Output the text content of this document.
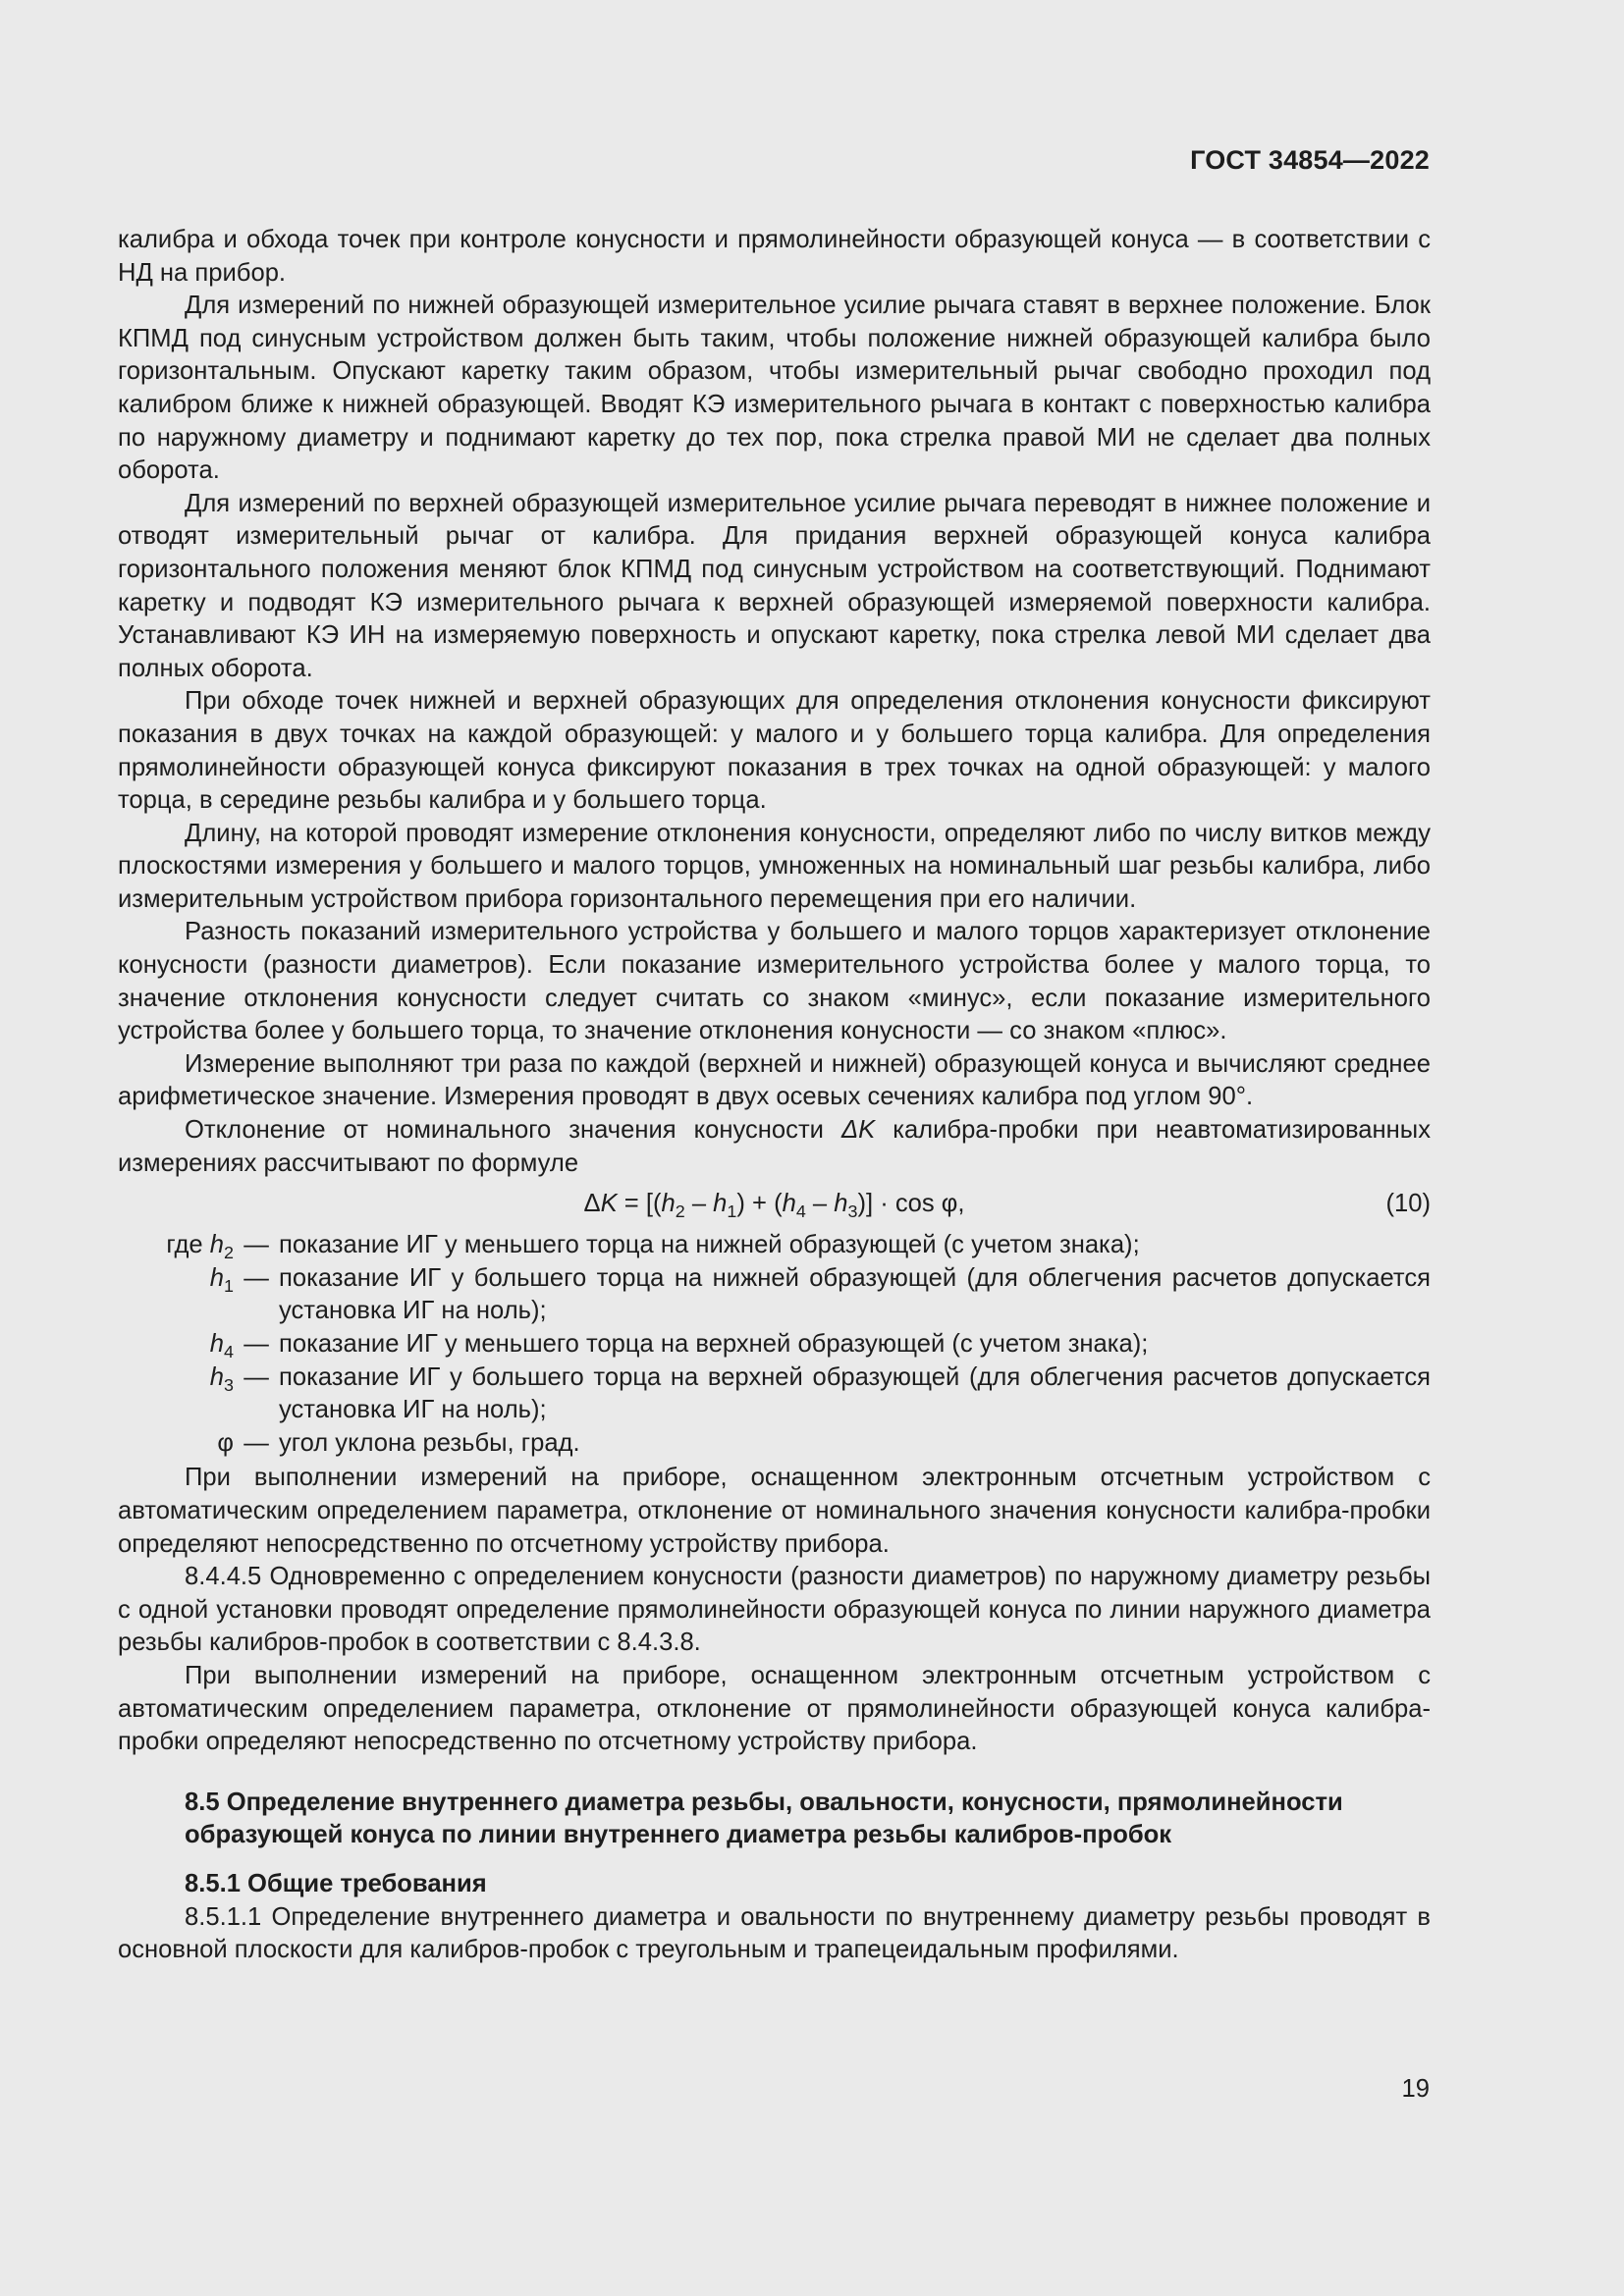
ГОСТ 34854—2022

калибра и обхода точек при контроле конусности и прямолинейности образующей конуса — в соответствии с НД на прибор.

Для измерений по нижней образующей измерительное усилие рычага ставят в верхнее положение. Блок КПМД под синусным устройством должен быть таким, чтобы положение нижней образующей калибра было горизонтальным. Опускают каретку таким образом, чтобы измерительный рычаг свободно проходил под калибром ближе к нижней образующей. Вводят КЭ измерительного рычага в контакт с поверхностью калибра по наружному диаметру и поднимают каретку до тех пор, пока стрелка правой МИ не сделает два полных оборота.

Для измерений по верхней образующей измерительное усилие рычага переводят в нижнее положение и отводят измерительный рычаг от калибра. Для придания верхней образующей конуса калибра горизонтального положения меняют блок КПМД под синусным устройством на соответствующий. Поднимают каретку и подводят КЭ измерительного рычага к верхней образующей измеряемой поверхности калибра. Устанавливают КЭ ИН на измеряемую поверхность и опускают каретку, пока стрелка левой МИ сделает два полных оборота.

При обходе точек нижней и верхней образующих для определения отклонения конусности фиксируют показания в двух точках на каждой образующей: у малого и у большего торца калибра. Для определения прямолинейности образующей конуса фиксируют показания в трех точках на одной образующей: у малого торца, в середине резьбы калибра и у большего торца.

Длину, на которой проводят измерение отклонения конусности, определяют либо по числу витков между плоскостями измерения у большего и малого торцов, умноженных на номинальный шаг резьбы калибра, либо измерительным устройством прибора горизонтального перемещения при его наличии.

Разность показаний измерительного устройства у большего и малого торцов характеризует отклонение конусности (разности диаметров). Если показание измерительного устройства более у малого торца, то значение отклонения конусности следует считать со знаком «минус», если показание измерительного устройства более у большего торца, то значение отклонения конусности — со знаком «плюс».

Измерение выполняют три раза по каждой (верхней и нижней) образующей конуса и вычисляют среднее арифметическое значение. Измерения проводят в двух осевых сечениях калибра под углом 90°.

Отклонение от номинального значения конусности ΔK калибра-пробки при неавтоматизированных измерениях рассчитывают по формуле

$\Delta K = [(h_2 - h_1) + (h_4 - h_3)] \cdot \cos \varphi$,	(10)
где $h_2$ — показание ИГ у меньшего торца на нижней образующей (с учетом знака);
$h_1$ — показание ИГ у большего торца на нижней образующей (для облегчения расчетов допускается установка ИГ на ноль);
$h_4$ — показание ИГ у меньшего торца на верхней образующей (с учетом знака);
$h_3$ — показание ИГ у большего торца на верхней образующей (для облегчения расчетов допускается установка ИГ на ноль);
φ — угол уклона резьбы, град.

При выполнении измерений на приборе, оснащенном электронным отсчетным устройством с автоматическим определением параметра, отклонение от номинального значения конусности калибра-пробки определяют непосредственно по отсчетному устройству прибора.

8.4.4.5 Одновременно с определением конусности (разности диаметров) по наружному диаметру резьбы с одной установки проводят определение прямолинейности образующей конуса по линии наружного диаметра резьбы калибров-пробок в соответствии с 8.4.3.8.

При выполнении измерений на приборе, оснащенном электронным отсчетным устройством с автоматическим определением параметра, отклонение от прямолинейности образующей конуса калибра-пробки определяют непосредственно по отсчетному устройству прибора.

8.5 Определение внутреннего диаметра резьбы, овальности, конусности, прямолинейности образующей конуса по линии внутреннего диаметра резьбы калибров-пробок
8.5.1 Общие требования

8.5.1.1 Определение внутреннего диаметра и овальности по внутреннему диаметру резьбы проводят в основной плоскости для калибров-пробок с треугольным и трапецеидальным профилями.

19
